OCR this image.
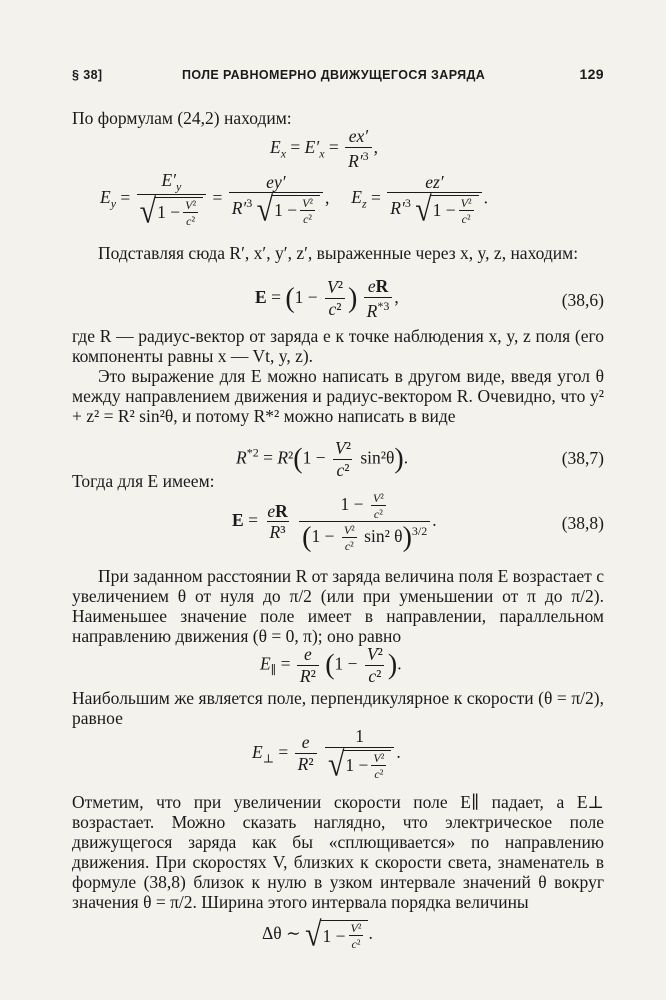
§ 38]	ПОЛЕ РАВНОМЕРНО ДВИЖУЩЕГОСЯ ЗАРЯДА	129
По формулам (24,2) находим:
$E_x = E'_x = \frac{ex'}{R'^3}$ ,
$E_y = \frac{E'_y}{√ 1 - \frac{\text{V²}}{\text{c²}}} = \frac{ey'}{R'^3 √ 1 - \frac{\text{V²}}{\text{c²}}}$ ,     $E_z = \frac{ez'}{R'^3 √ 1 - \frac{\text{V²}}{\text{c²}}}$ .
Подставляя сюда R′, x′, y′, z′, выраженные через x, y, z, находим:
$E = (1 - \frac{\text{V²}}{\text{c²}}$ ) $\frac{eR}{R^{*3}}$ ,	(38,6)
где R — радиус-вектор от заряда e к точке наблюдения x, y, z поля (его компоненты равны x — Vt, y, z).
Это выражение для E можно написать в другом виде, введя угол θ между направлением движения и радиус-вектором R. Очевидно, что y² + z² = R² sin²θ, и потому R*² можно написать в виде
$R^{*2} = R^2(1 - \frac{\text{V²}}{\text{c²}} \sin^2\theta)$.	(38,7)
Тогда для E имеем:
$E = \frac{eR}{\text{R³}}$
$\frac{1 - \frac{\text{V²}}{\text{c²}}}{(1 - \frac{\text{V²}}{\text{c²}} \sin^2 \theta)^{3/2}}$ .	(38,8)
При заданном расстоянии R от заряда величина поля E возрастает с увеличением θ от нуля до π/2 (или при уменьшении от π до π/2). Наименьшее значение поле имеет в направлении, параллельном направлению движения (θ = 0, π); оно равно
$E_\parallel = \frac{e}{\text{R²}} (1 - \frac{\text{V²}}{\text{c²}}$ ).
Наибольшим же является поле, перпендикулярное к скорости (θ = π/2), равное
$E_\perp = \frac{e}{\text{R²}}$
$\frac{1}{√ 1 - \frac{\text{V²}}{\text{c²}}}$ .
Отметим, что при увеличении скорости поле E∥ падает, а E⊥ возрастает. Можно сказать наглядно, что электрическое поле движущегося заряда как бы «сплющивается» по направлению движения. При скоростях V, близких к скорости света, знаменатель в формуле (38,8) близок к нулю в узком интервале значений θ вокруг значения θ = π/2. Ширина этого интервала порядка величины
Δθ ∼ √ $1 - \frac{\text{V²}}{\text{c²}}$ .
